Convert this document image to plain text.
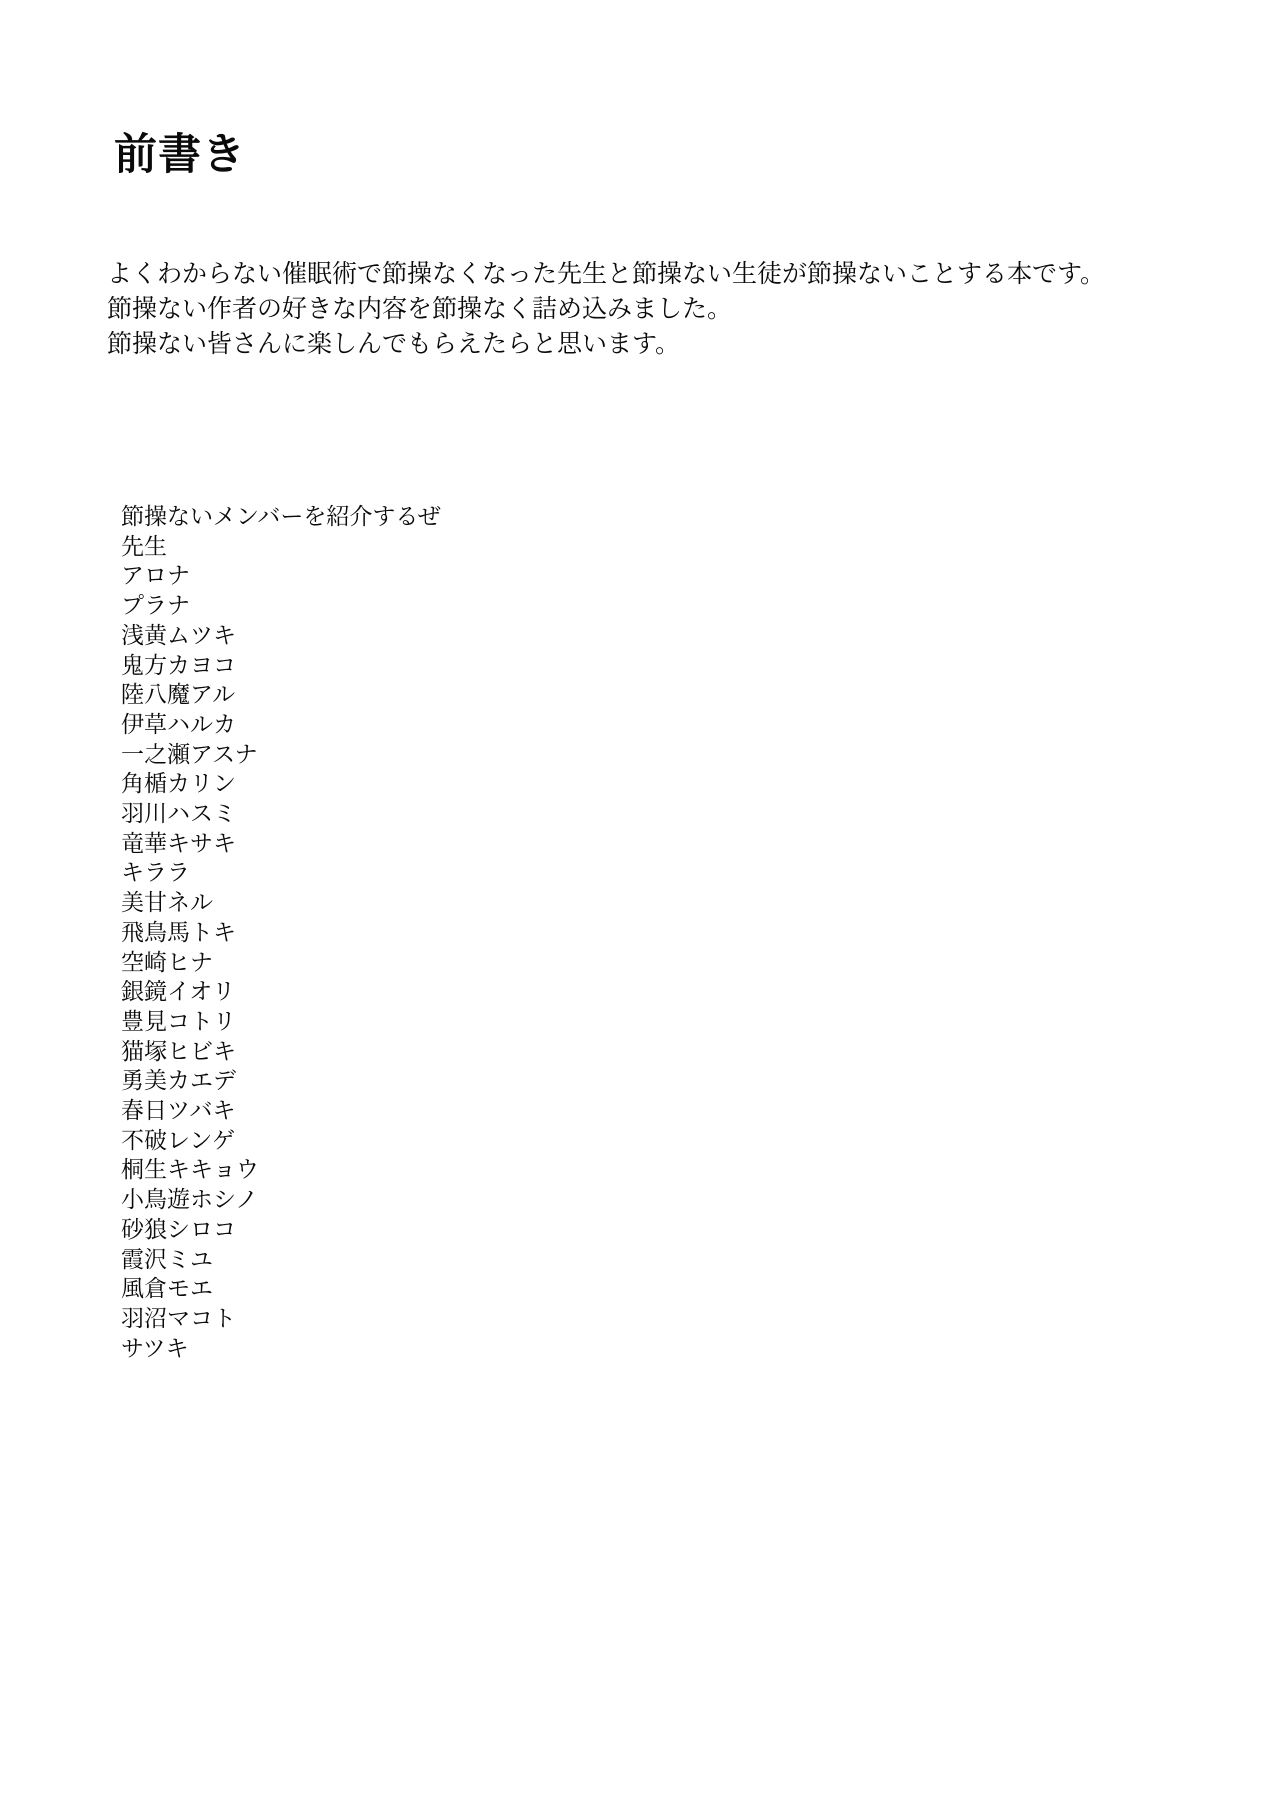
前書き

よくわからない催眠術で節操なくなった先生と節操ない生徒が節操ないことする本です。

節操ない作者の好きな内容を節操なく詰め込みました。

節操ない皆さんに楽しんでもらえたらと思います。

節操ないメンバーを紹介するぜ

先生

アロナ

プラナ

浅黄ムツキ

鬼方カヨコ

陸八魔アル

伊草ハルカ

一之瀬アスナ

角楯カリン

羽川ハスミ

竜華キサキ

キララ

美甘ネル

飛鳥馬トキ

空崎ヒナ

銀鏡イオリ

豊見コトリ

猫塚ヒビキ

勇美カエデ

春日ツバキ

不破レンゲ

桐生キキョウ

小鳥遊ホシノ

砂狼シロコ

霞沢ミユ

風倉モエ

羽沼マコト

サツキ
